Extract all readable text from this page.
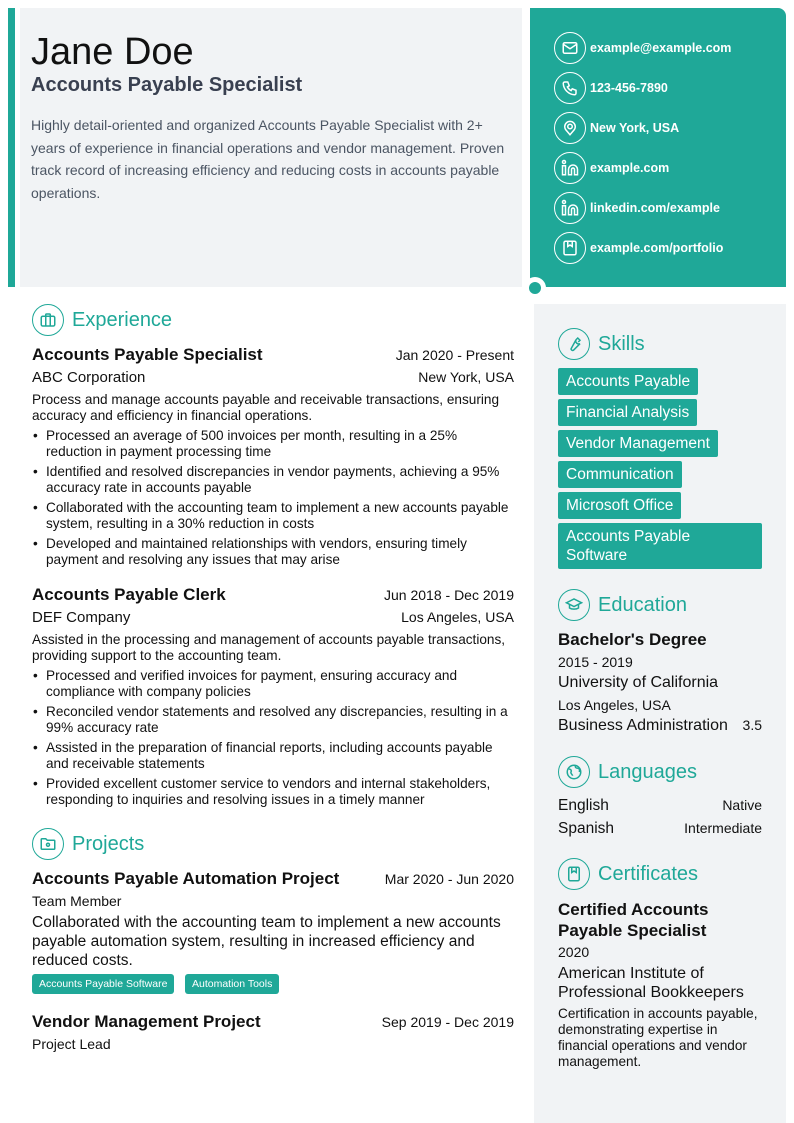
Jane Doe
Accounts Payable Specialist
Highly detail-oriented and organized Accounts Payable Specialist with 2+ years of experience in financial operations and vendor management. Proven track record of increasing efficiency and reducing costs in accounts payable operations.
example@example.com
123-456-7890
New York, USA
example.com
linkedin.com/example
example.com/portfolio
Experience
Accounts Payable Specialist	Jan 2020 - Present
ABC Corporation	New York, USA
Process and manage accounts payable and receivable transactions, ensuring accuracy and efficiency in financial operations.
• Processed an average of 500 invoices per month, resulting in a 25% reduction in payment processing time
• Identified and resolved discrepancies in vendor payments, achieving a 95% accuracy rate in accounts payable
• Collaborated with the accounting team to implement a new accounts payable system, resulting in a 30% reduction in costs
• Developed and maintained relationships with vendors, ensuring timely payment and resolving any issues that may arise
Accounts Payable Clerk	Jun 2018 - Dec 2019
DEF Company	Los Angeles, USA
Assisted in the processing and management of accounts payable transactions, providing support to the accounting team.
• Processed and verified invoices for payment, ensuring accuracy and compliance with company policies
• Reconciled vendor statements and resolved any discrepancies, resulting in a 99% accuracy rate
• Assisted in the preparation of financial reports, including accounts payable and receivable statements
• Provided excellent customer service to vendors and internal stakeholders, responding to inquiries and resolving issues in a timely manner
Projects
Accounts Payable Automation Project	Mar 2020 - Jun 2020
Team Member
Collaborated with the accounting team to implement a new accounts payable automation system, resulting in increased efficiency and reduced costs.
Accounts Payable Software	Automation Tools
Vendor Management Project	Sep 2019 - Dec 2019
Project Lead
Skills
Accounts Payable
Financial Analysis
Vendor Management
Communication
Microsoft Office
Accounts Payable Software
Education
Bachelor's Degree
2015 - 2019
University of California
Los Angeles, USA
Business Administration 3.5
Languages
English	Native
Spanish	Intermediate
Certificates
Certified Accounts Payable Specialist
2020
American Institute of Professional Bookkeepers
Certification in accounts payable, demonstrating expertise in financial operations and vendor management.
